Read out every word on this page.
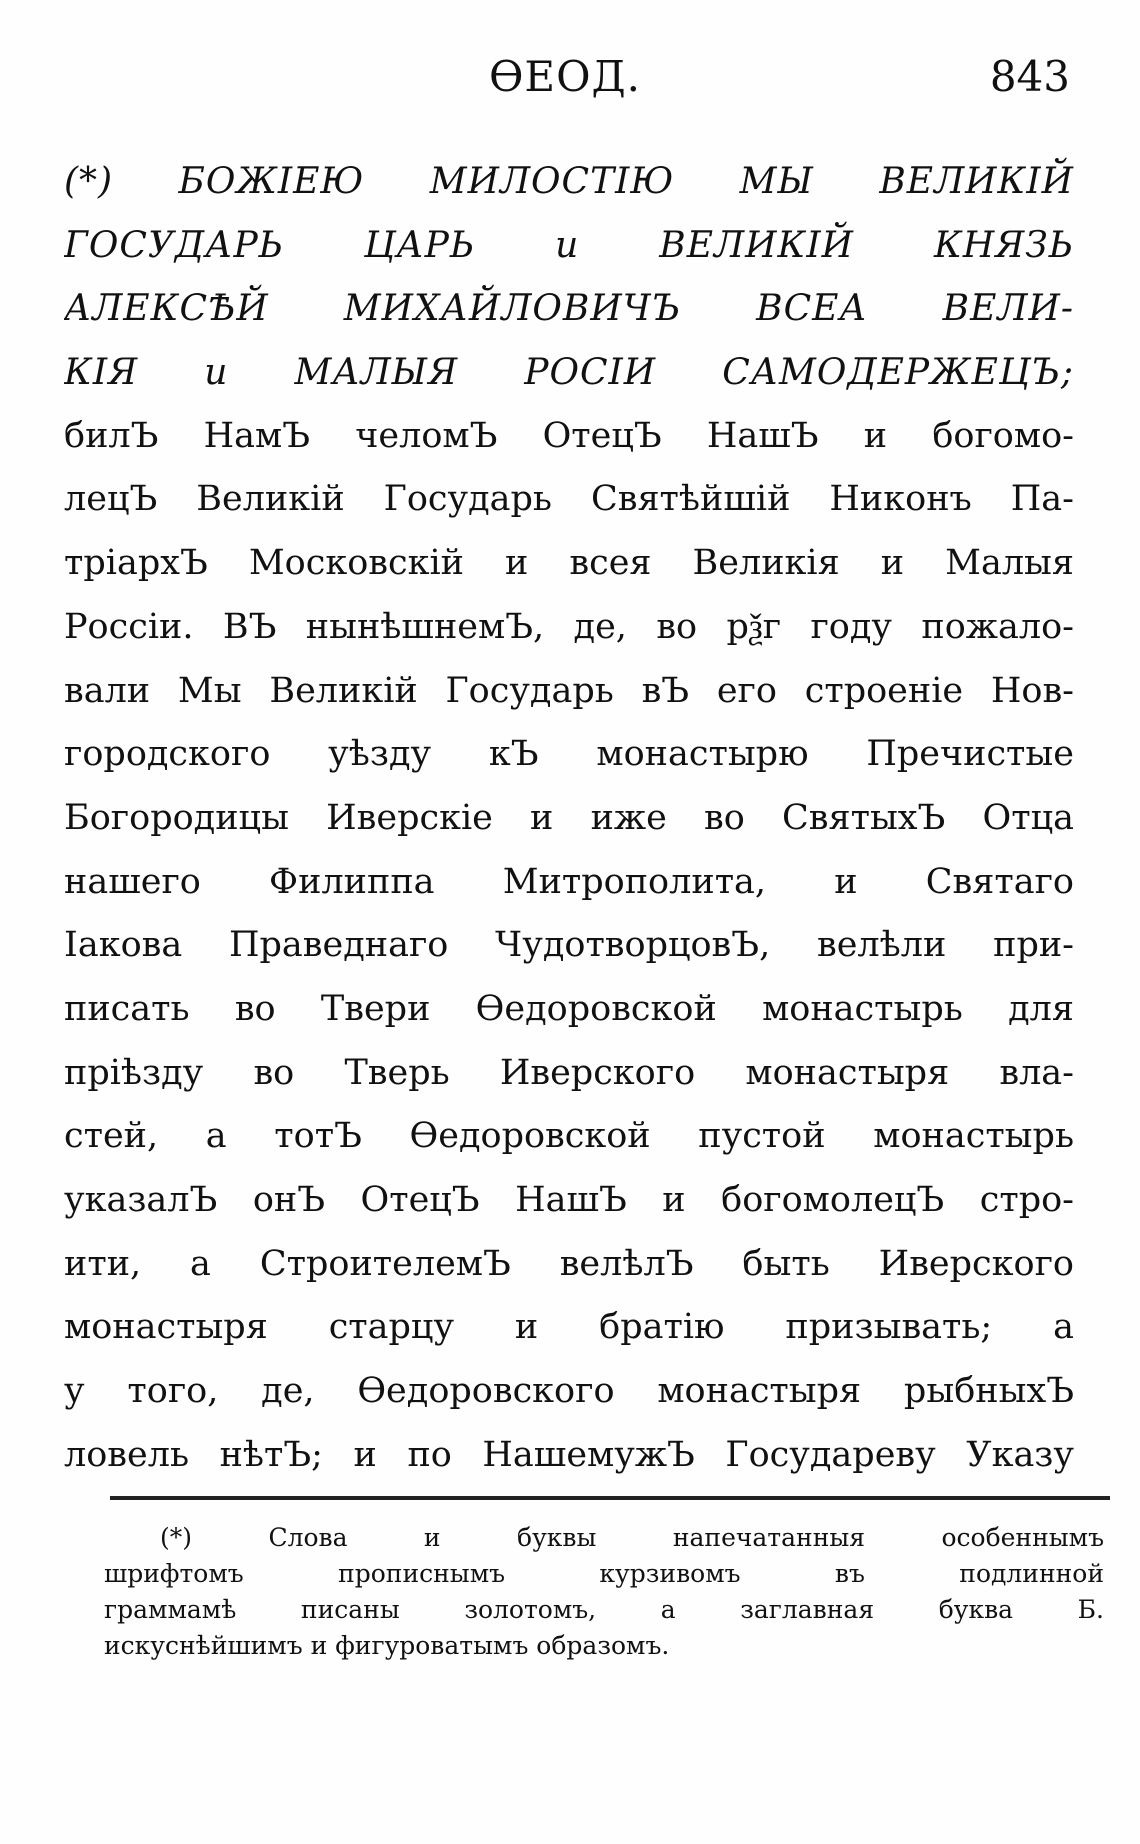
ѲЕОД.	843
(*) БОЖІЕЮ МИЛОСТІЮ МЫ ВЕЛИКІЙ
ГОСУДАРЬ ЦАРЬ и ВЕЛИКІЙ КНЯЗЬ
АЛЕКСѢЙ МИХАЙЛОВИЧЪ ВСЕА ВЕЛИ-
КІЯ и МАЛЫЯ РОСІИ САМОДЕРЖЕЦЪ;
билЪ НамЪ челомЪ ОтецЪ НашЪ и богомо-
лецЪ Великій Государь Святѣйшій Никонъ Па-
тріархЪ Московскій и всея Великія и Малыя
Россіи. ВЪ нынѣшнемЪ, де, во рѯг году пожало-
вали Мы Великій Государь вЪ его строеніе Нов-
городского уѣзду кЪ монастырю Пречистые
Богородицы Иверскіе и иже во СвятыхЪ Отца
нашего Филиппа Митрополита, и Святаго
Іакова Праведнаго ЧудотворцовЪ, велѣли при-
писать во Твери Ѳедоровской монастырь для
пріѣзду во Тверь Иверского монастыря вла-
стей, а тотЪ Ѳедоровской пустой монастырь
указалЪ онЪ ОтецЪ НашЪ и богомолецЪ стро-
ити, а СтроителемЪ велѣлЪ быть Иверского
монастыря старцу и братію призывать; а
у того, де, Ѳедоровского монастыря рыбныхЪ
ловель нѣтЪ; и по НашемужЪ Государеву Указу
(*) Слова и буквы напечатанныя особеннымъ
шрифтомъ прописнымъ курзивомъ въ подлинной
граммамѣ писаны золотомъ, а заглавная буква Б.
искуснѣйшимъ и фигуроватымъ образомъ.
